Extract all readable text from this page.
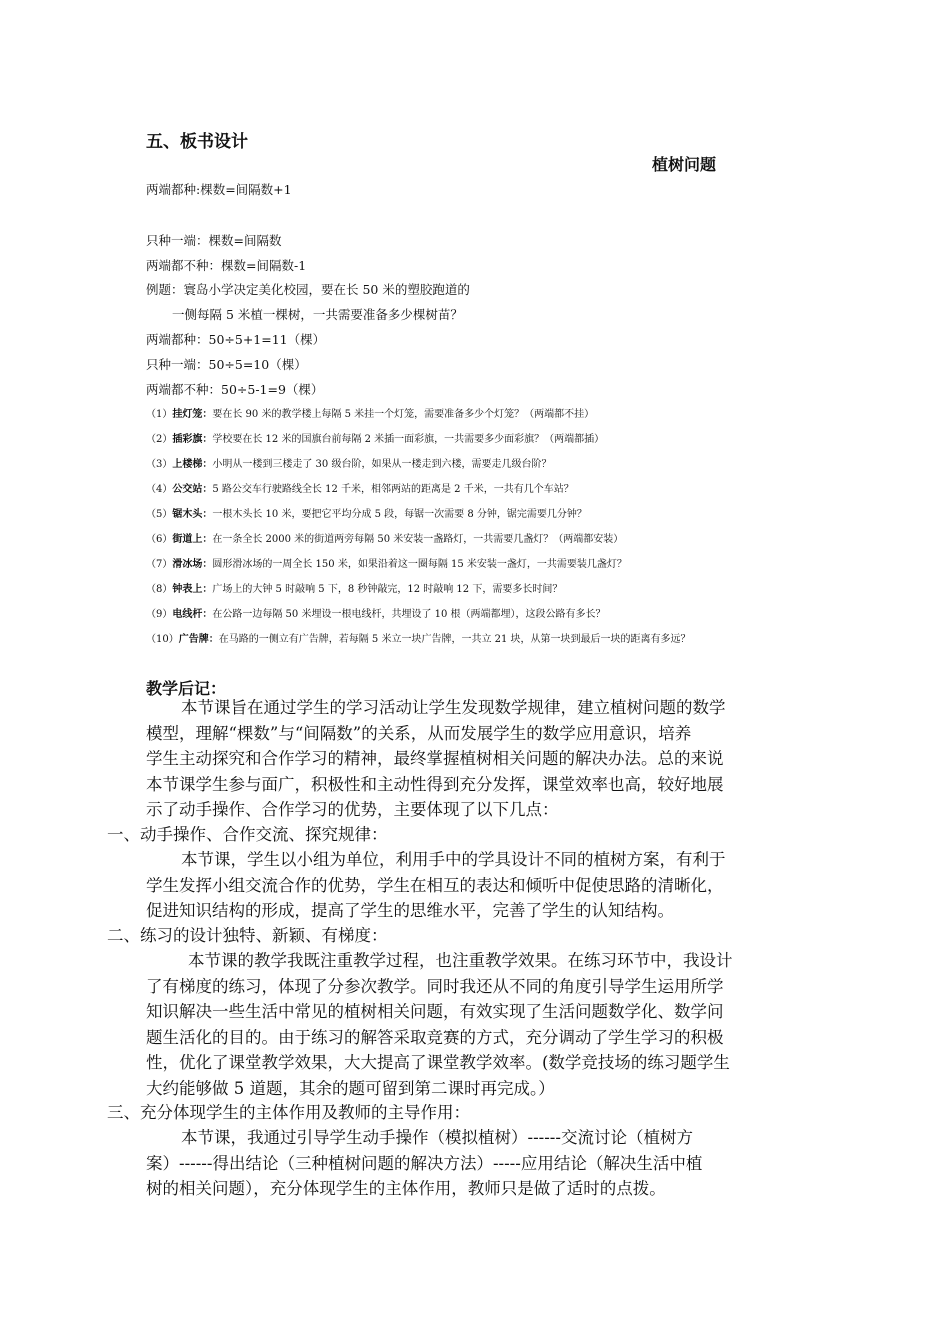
五、板书设计
植树问题
两端都种:棵数=间隔数+1
只种一端：棵数=间隔数
两端都不种：棵数=间隔数-1
例题：寰岛小学决定美化校园，要在长 50 米的塑胶跑道的
一侧每隔 5 米植一棵树，一共需要准备多少棵树苗？
两端都种：50÷5+1=11（棵）
只种一端：50÷5=10（棵）
两端都不种：50÷5-1=9（棵）
（1）挂灯笼：要在长 90 米的教学楼上每隔 5 米挂一个灯笼，需要准备多少个灯笼？（两端都不挂）
（2）插彩旗：学校要在长 12 米的国旗台前每隔 2 米插一面彩旗，一共需要多少面彩旗？（两端都插）
（3）上楼梯：小明从一楼到三楼走了 30 级台阶，如果从一楼走到六楼，需要走几级台阶？
（4）公交站：5 路公交车行驶路线全长 12 千米，相邻两站的距离是 2 千米，一共有几个车站？
（5）锯木头：一根木头长 10 米，要把它平均分成 5 段，每锯一次需要 8 分钟，锯完需要几分钟？
（6）街道上：在一条全长 2000 米的街道两旁每隔 50 米安装一盏路灯，一共需要几盏灯？（两端都安装）
（7）滑冰场：圆形滑冰场的一周全长 150 米，如果沿着这一圈每隔 15 米安装一盏灯，一共需要装几盏灯？
（8）钟表上：广场上的大钟 5 时敲响 5 下，8 秒钟敲完，12 时敲响 12 下，需要多长时间？
（9）电线杆：在公路一边每隔 50 米埋设一根电线杆，共埋设了 10 根（两端都埋），这段公路有多长？
（10）广告牌：在马路的一侧立有广告牌，若每隔 5 米立一块广告牌，一共立 21 块，从第一块到最后一块的距离有多远？
教学后记：

本节课旨在通过学生的学习活动让学生发现数学规律，建立植树问题的数学

模型，理解“棵数”与“间隔数”的关系，从而发展学生的数学应用意识，培养

学生主动探究和合作学习的精神，最终掌握植树相关问题的解决办法。总的来说

本节课学生参与面广，积极性和主动性得到充分发挥，课堂效率也高，较好地展

示了动手操作、合作学习的优势，主要体现了以下几点：

一、动手操作、合作交流、探究规律：

本节课，学生以小组为单位，利用手中的学具设计不同的植树方案，有利于

学生发挥小组交流合作的优势，学生在相互的表达和倾听中促使思路的清晰化，

促进知识结构的形成，提高了学生的思维水平，完善了学生的认知结构。

二、练习的设计独特、新颖、有梯度：

本节课的教学我既注重教学过程，也注重教学效果。在练习环节中，我设计

了有梯度的练习，体现了分参次教学。同时我还从不同的角度引导学生运用所学

知识解决一些生活中常见的植树相关问题，有效实现了生活问题数学化、数学问

题生活化的目的。由于练习的解答采取竞赛的方式，充分调动了学生学习的积极

性，优化了课堂教学效果，大大提高了课堂教学效率。(数学竞技场的练习题学生

大约能够做 5 道题，其余的题可留到第二课时再完成。）

三、充分体现学生的主体作用及教师的主导作用：

本节课，我通过引导学生动手操作（模拟植树）------交流讨论（植树方

案）------得出结论（三种植树问题的解决方法）-----应用结论（解决生活中植

树的相关问题），充分体现学生的主体作用，教师只是做了适时的点拨。
